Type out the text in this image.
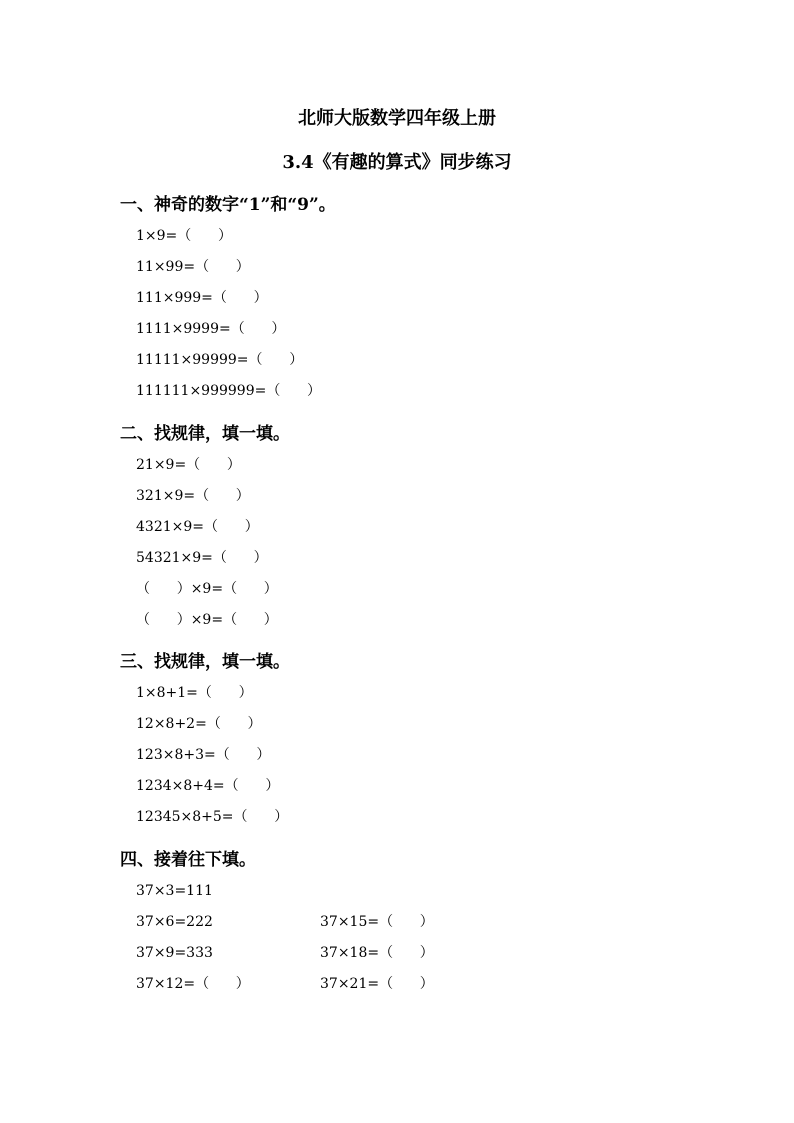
北师大版数学四年级上册
3.4《有趣的算式》同步练习
一、神奇的数字“1”和“9”。

1×9=（      ）

11×99=（      ）

111×999=（      ）

1111×9999=（      ）

11111×99999=（      ）

111111×999999=（      ）

二、找规律，填一填。

21×9=（      ）

321×9=（      ）

4321×9=（      ）

54321×9=（      ）

（      ）×9=（      ）

（      ）×9=（      ）

三、找规律，填一填。

1×8+1=（      ）

12×8+2=（      ）

123×8+3=（      ）

1234×8+4=（      ）

12345×8+5=（      ）

四、接着往下填。

37×3=111

37×6=222

37×9=333

37×12=（      ）

37×15=（      ）

37×18=（      ）

37×21=（      ）
